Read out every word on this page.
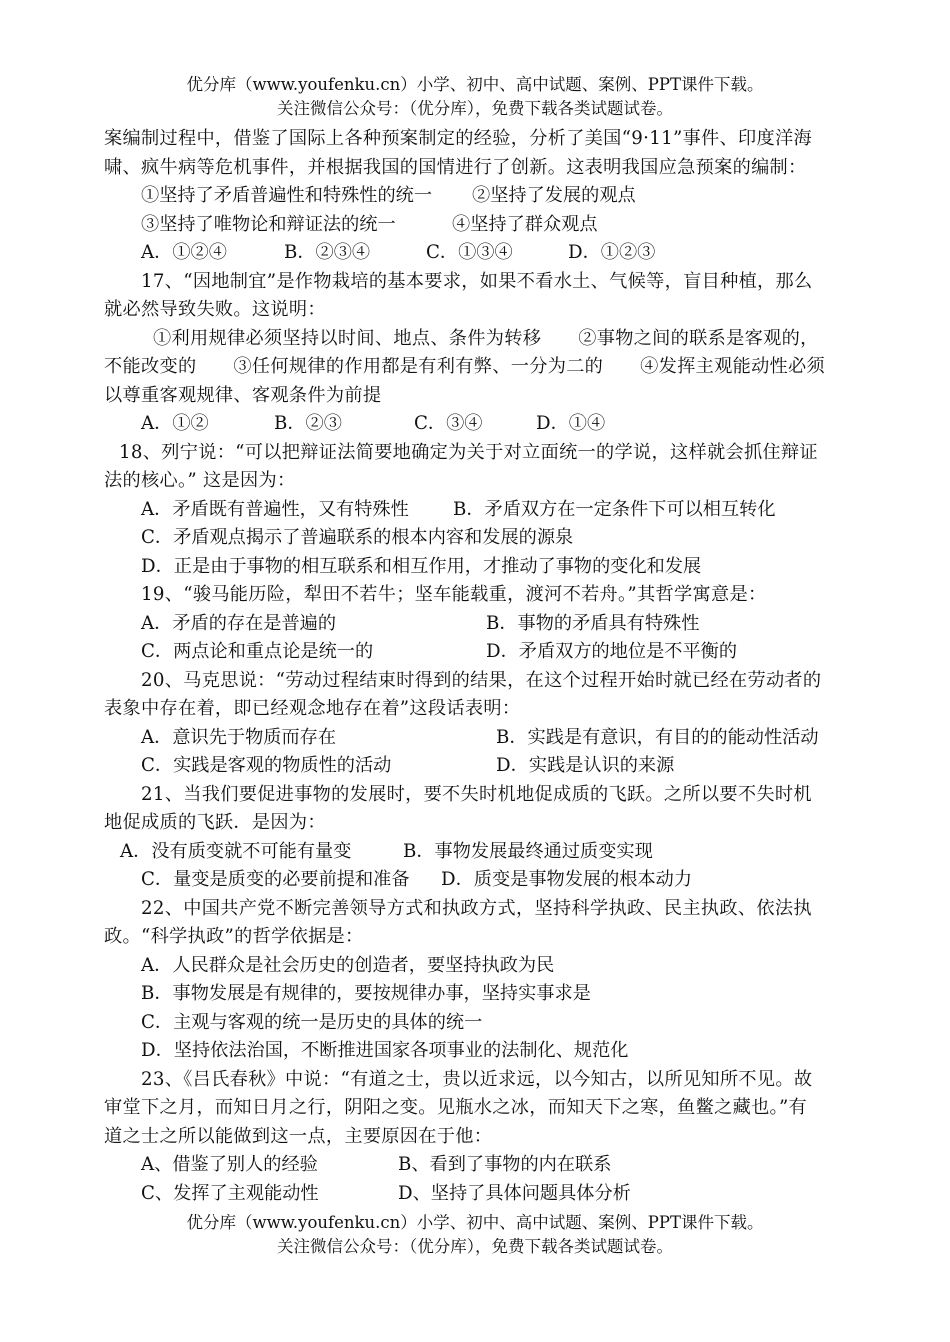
优分库（www.youfenku.cn）小学、初中、高中试题、案例、PPT课件下载。
关注微信公众号：（优分库），免费下载各类试题试卷。
案编制过程中，借鉴了国际上各种预案制定的经验，分析了美国“9·11”事件、印度洋海
啸、疯牛病等危机事件，并根据我国的国情进行了创新。这表明我国应急预案的编制：
①坚持了矛盾普遍性和特殊性的统一 ②坚持了发展的观点
③坚持了唯物论和辩证法的统一	④坚持了群众观点
A．①②④	B．②③④	C．①③④	D．①②③
17、“因地制宜”是作物栽培的基本要求，如果不看水土、气候等，盲目种植，那么
就必然导致失败。这说明：
①利用规律必须坚持以时间、地点、条件为转移　　②事物之间的联系是客观的，
不能改变的　　③任何规律的作用都是有利有弊、一分为二的　　④发挥主观能动性必须
以尊重客观规律、客观条件为前提
A．①②	B．②③	C．③④	D．①④
18、列宁说：“可以把辩证法简要地确定为关于对立面统一的学说，这样就会抓住辩证
法的核心。” 这是因为：
A．矛盾既有普遍性，又有特殊性 B．矛盾双方在一定条件下可以相互转化
C．矛盾观点揭示了普遍联系的根本内容和发展的源泉
D．正是由于事物的相互联系和相互作用，才推动了事物的变化和发展
19、“骏马能历险，犁田不若牛；坚车能载重，渡河不若舟。”其哲学寓意是：
A．矛盾的存在是普遍的	B．事物的矛盾具有特殊性
C．两点论和重点论是统一的	D．矛盾双方的地位是不平衡的
20、马克思说：“劳动过程结束时得到的结果，在这个过程开始时就已经在劳动者的
表象中存在着，即已经观念地存在着”这段话表明：
A．意识先于物质而存在	B．实践是有意识，有目的的能动性活动
C．实践是客观的物质性的活动	D．实践是认识的来源
21、当我们要促进事物的发展时，要不失时机地促成质的飞跃。之所以要不失时机
地促成质的飞跃．是因为：
A．没有质变就不可能有量变	B．事物发展最终通过质变实现
C．量变是质变的必要前提和准备 D．质变是事物发展的根本动力
22、中国共产党不断完善领导方式和执政方式，坚持科学执政、民主执政、依法执
政。“科学执政”的哲学依据是：
A．人民群众是社会历史的创造者，要坚持执政为民
B．事物发展是有规律的，要按规律办事，坚持实事求是
C．主观与客观的统一是历史的具体的统一
D．坚持依法治国，不断推进国家各项事业的法制化、规范化
23、《吕氏春秋》中说：“有道之士，贵以近求远，以今知古，以所见知所不见。故
审堂下之月，而知日月之行，阴阳之变。见瓶水之冰，而知天下之寒，鱼鳖之藏也。”有
道之士之所以能做到这一点，主要原因在于他：
A、借鉴了别人的经验	B、看到了事物的内在联系
C、发挥了主观能动性	D、坚持了具体问题具体分析
优分库（www.youfenku.cn）小学、初中、高中试题、案例、PPT课件下载。
关注微信公众号：（优分库），免费下载各类试题试卷。
